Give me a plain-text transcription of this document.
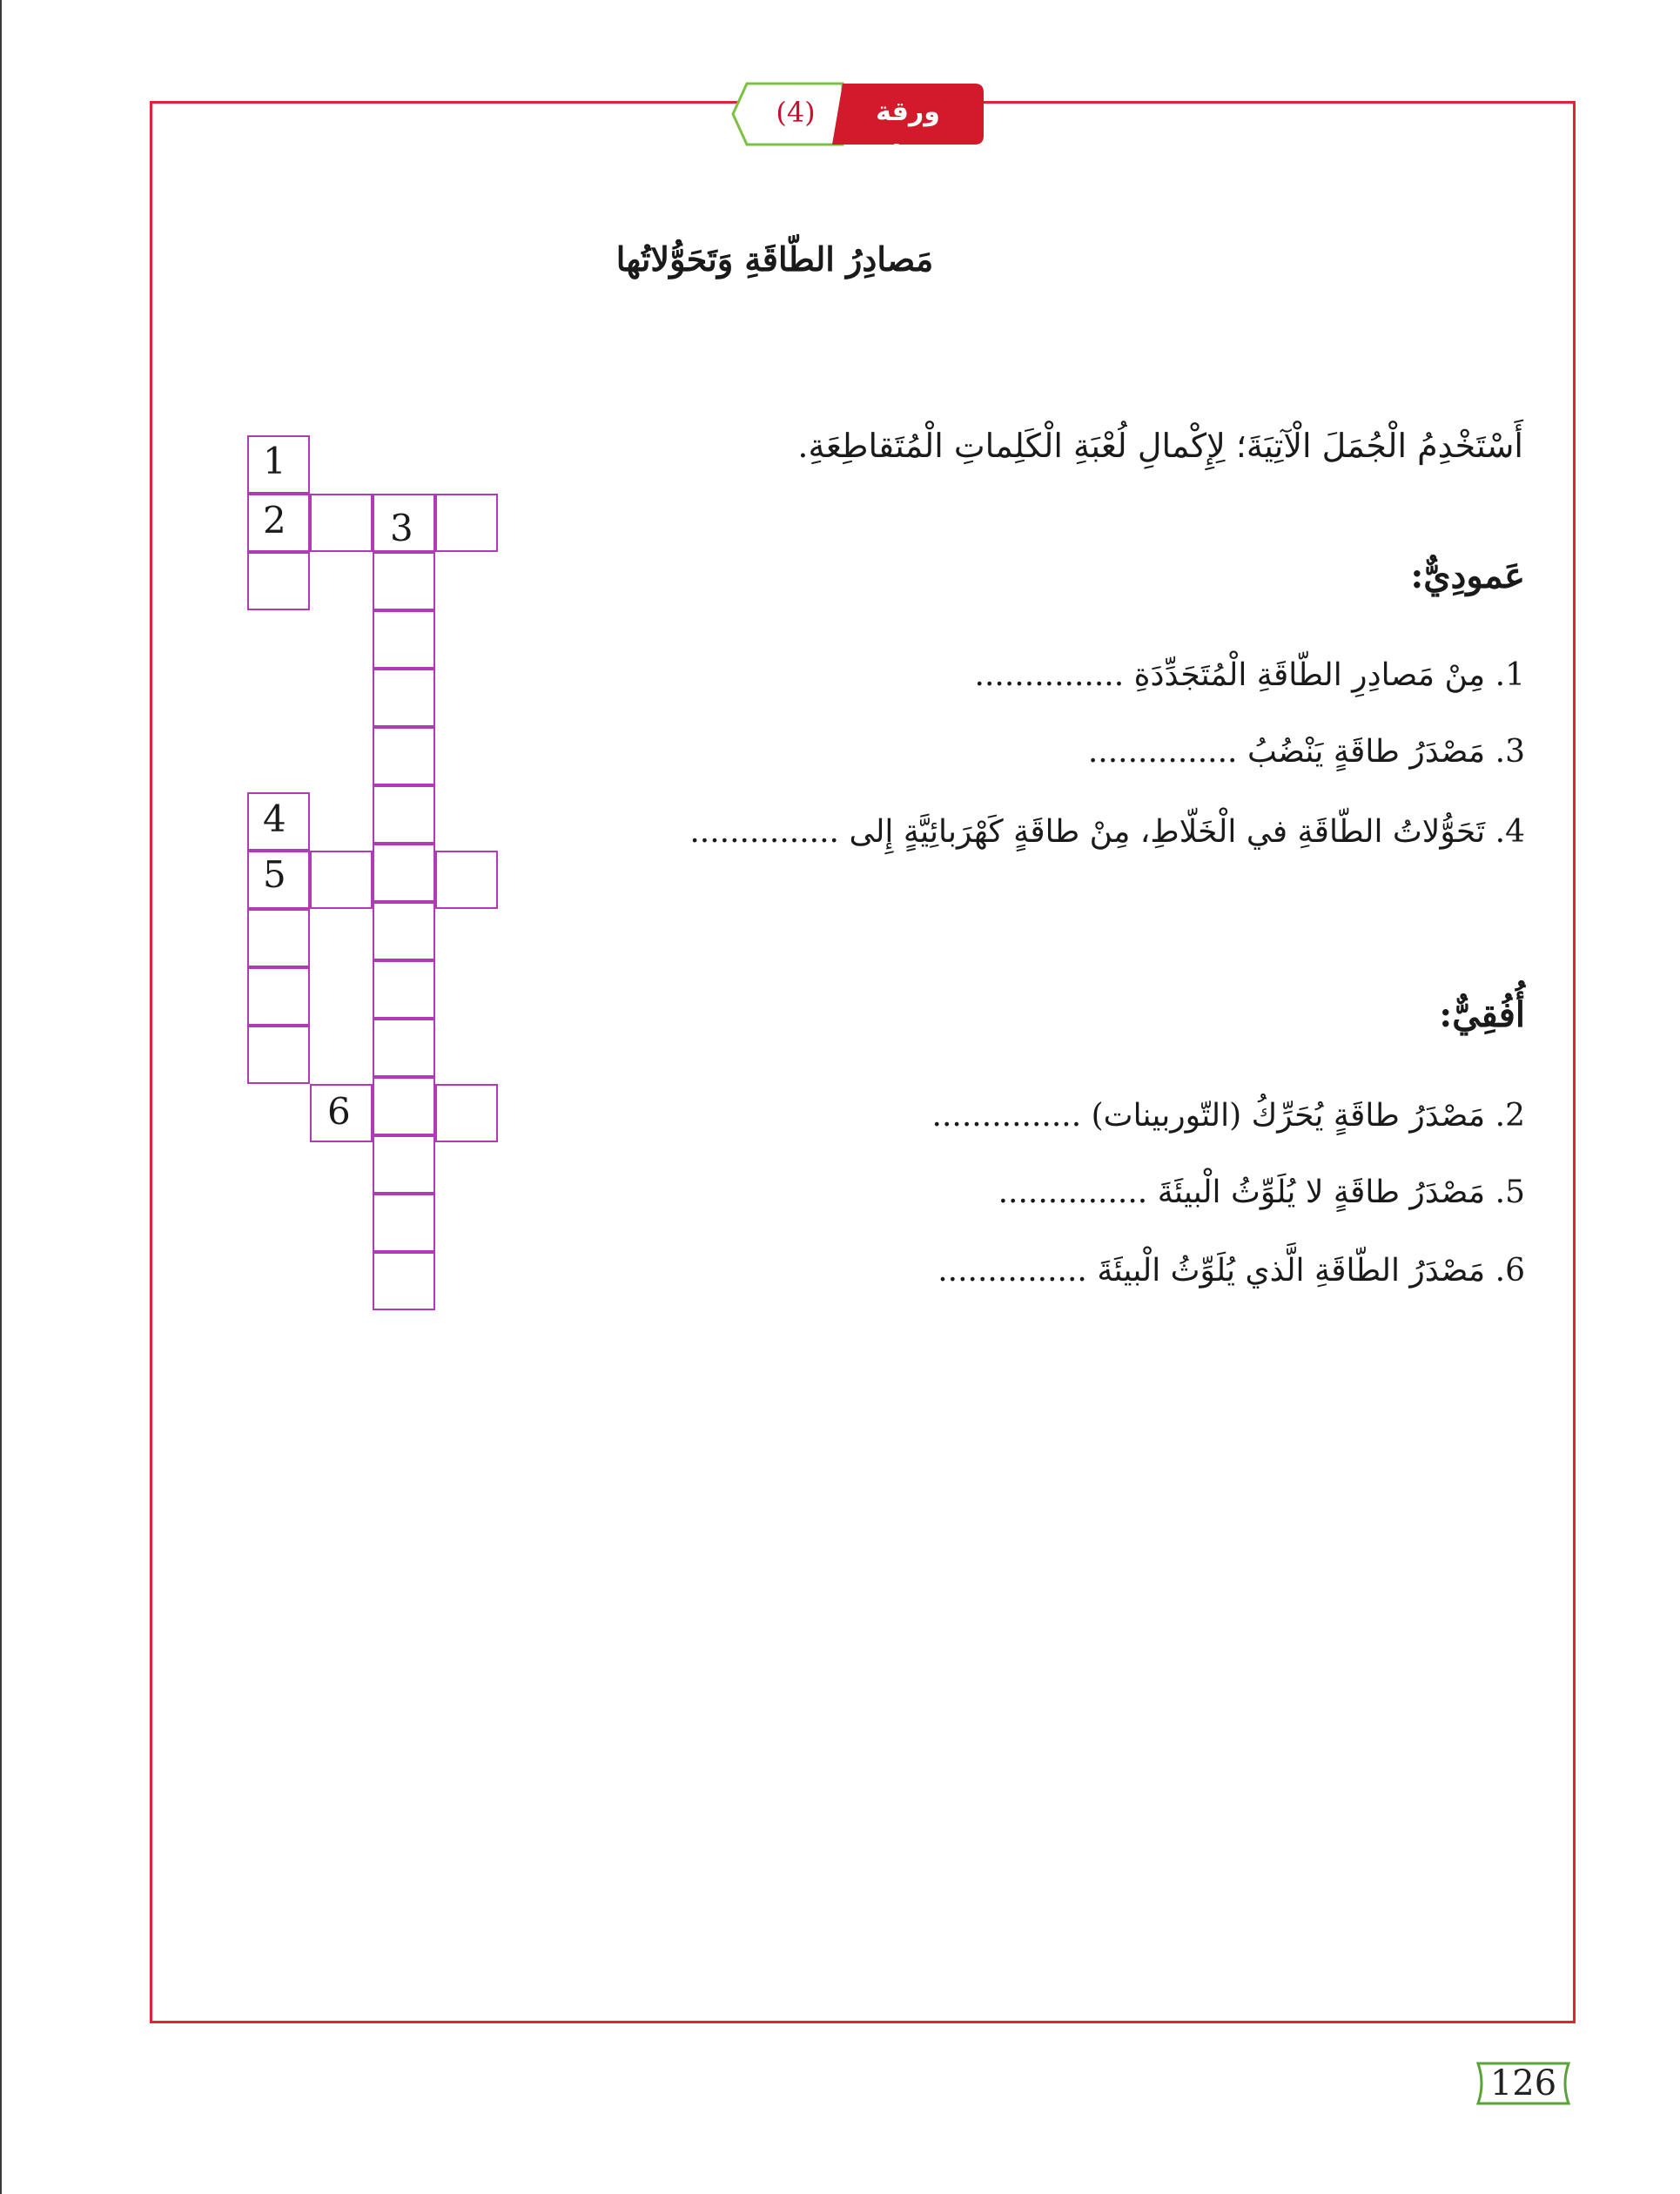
ورقة عمل
(4)
مَصادِرُ الطّاقَةِ وَتَحَوُّلاتُها
أَسْتَخْدِمُ الْجُمَلَ الْآتِيَةَ؛ لِإِكْمالِ لُعْبَةِ الْكَلِماتِ الْمُتَقاطِعَةِ.
عَمودِيٌّ:
1. مِنْ مَصادِرِ الطّاقَةِ الْمُتَجَدِّدَةِ ...............
3. مَصْدَرُ طاقَةٍ يَنْضُبُ ...............
4. تَحَوُّلاتُ الطّاقَةِ في الْخَلّاطِ، مِنْ طاقَةٍ كَهْرَبائِيَّةٍ إِلى ...............
أُفُقِيٌّ:
2. مَصْدَرُ طاقَةٍ يُحَرِّكُ (التّوربينات) ...............
5. مَصْدَرُ طاقَةٍ لا يُلَوِّثُ الْبيئَةَ ...............
6. مَصْدَرُ الطّاقَةِ الَّذي يُلَوِّثُ الْبيئَةَ ...............
1
2	3
4
5
6
126
